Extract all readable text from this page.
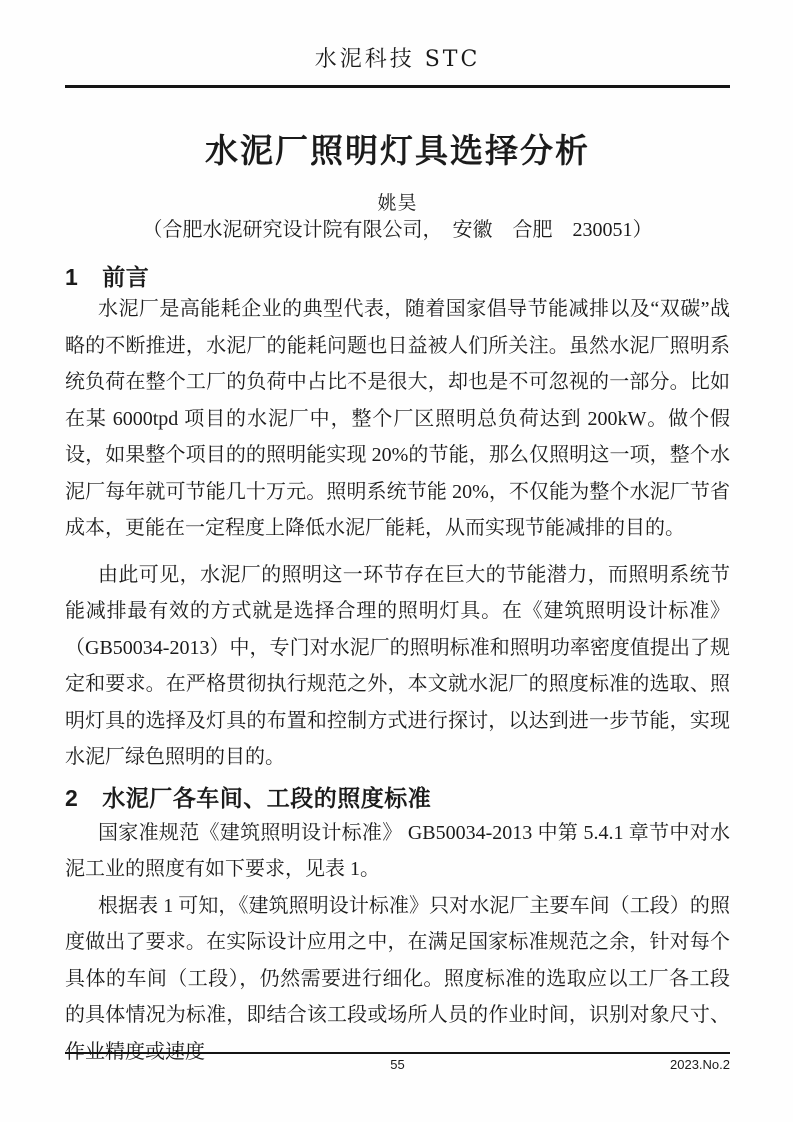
水泥科技 STC
水泥厂照明灯具选择分析
姚昊
（合肥水泥研究设计院有限公司，　安徽　合肥　230051）
1 前言

水泥厂是高能耗企业的典型代表，随着国家倡导节能减排以及“双碳”战略的不断推进，水泥厂的能耗问题也日益被人们所关注。虽然水泥厂照明系统负荷在整个工厂的负荷中占比不是很大，却也是不可忽视的一部分。比如在某 6000tpd 项目的水泥厂中，整个厂区照明总负荷达到 200kW。做个假设，如果整个项目的的照明能实现 20%的节能，那么仅照明这一项，整个水泥厂每年就可节能几十万元。照明系统节能 20%，不仅能为整个水泥厂节省成本，更能在一定程度上降低水泥厂能耗，从而实现节能减排的目的。

由此可见，水泥厂的照明这一环节存在巨大的节能潜力，而照明系统节能减排最有效的方式就是选择合理的照明灯具。在《建筑照明设计标准》（GB50034-2013）中，专门对水泥厂的照明标准和照明功率密度值提出了规定和要求。在严格贯彻执行规范之外，本文就水泥厂的照度标准的选取、照明灯具的选择及灯具的布置和控制方式进行探讨，以达到进一步节能，实现水泥厂绿色照明的目的。

2 水泥厂各车间、工段的照度标准

国家准规范《建筑照明设计标准》 GB50034-2013 中第 5.4.1 章节中对水泥工业的照度有如下要求，见表 1。

根据表 1 可知，《建筑照明设计标准》只对水泥厂主要车间（工段）的照度做出了要求。在实际设计应用之中，在满足国家标准规范之余，针对每个具体的车间（工段），仍然需要进行细化。照度标准的选取应以工厂各工段的具体情况为标准，即结合该工段或场所人员的作业时间，识别对象尺寸、作业精度或速度

55	2023.No.2
